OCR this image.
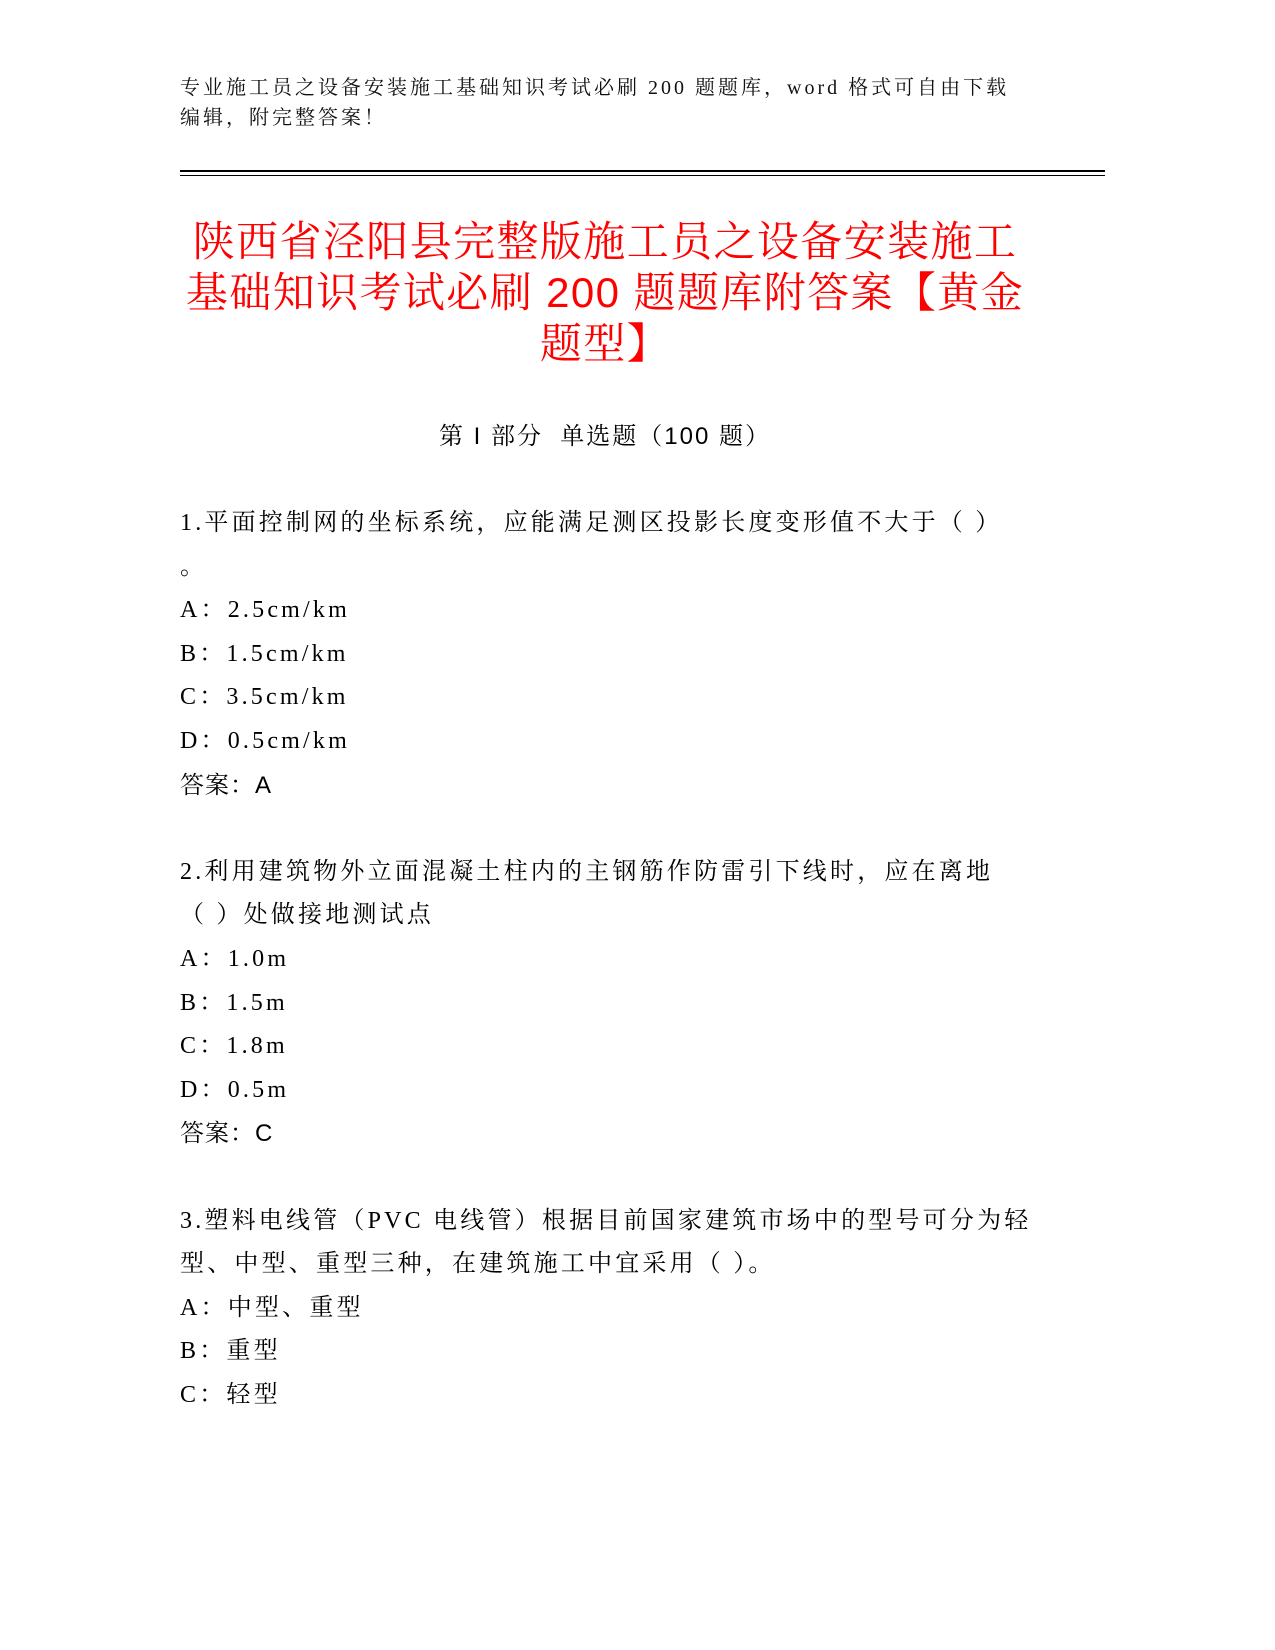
专业施工员之设备安装施工基础知识考试必刷 200 题题库，word 格式可自由下载
编辑，附完整答案！
陕西省泾阳县完整版施工员之设备安装施工
基础知识考试必刷 200 题题库附答案【黄金
题型】
第 I 部分  单选题（100 题）
1.平面控制网的坐标系统，应能满足测区投影长度变形值不大于（ ）
。
A：2.5cm/km
B：1.5cm/km
C：3.5cm/km
D：0.5cm/km
答案：A
2.利用建筑物外立面混凝土柱内的主钢筋作防雷引下线时，应在离地
（ ）处做接地测试点
A：1.0m
B：1.5m
C：1.8m
D：0.5m
答案：C
3.塑料电线管（PVC 电线管）根据目前国家建筑市场中的型号可分为轻
型、中型、重型三种，在建筑施工中宜采用（ ）。
A：中型、重型
B：重型
C：轻型
